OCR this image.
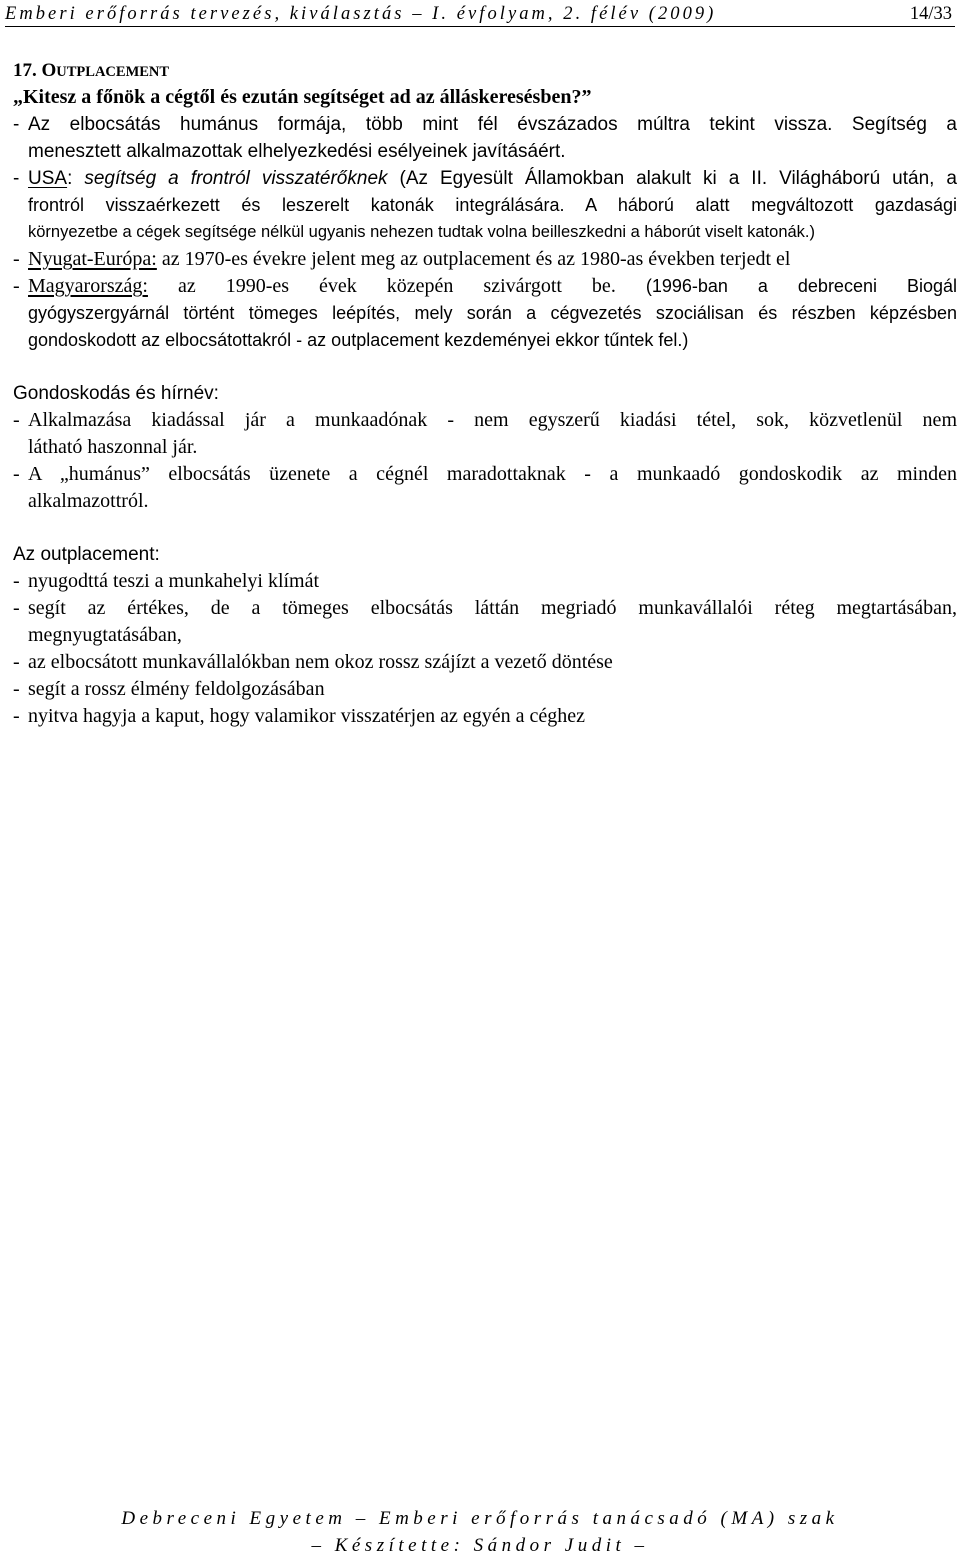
Emberi erőforrás tervezés, kiválasztás – I. évfolyam, 2. félév (2009)	14/33
17. OUTPLACEMENT
„Kitesz a főnök a cégtől és ezután segítséget ad az álláskeresésben?”
- Az elbocsátás humánus formája, több mint fél évszázados múltra tekint vissza. Segítség a
menesztett alkalmazottak elhelyezkedési esélyeinek javításáért.
- USA: segítség a frontról visszatérőknek (Az Egyesült Államokban alakult ki a II. Világháború után, a
frontról visszaérkezett és leszerelt katonák integrálására. A háború alatt megváltozott gazdasági
környezetbe a cégek segítsége nélkül ugyanis nehezen tudtak volna beilleszkedni a háborút viselt katonák.)
- Nyugat-Európa: az 1970-es évekre jelent meg az outplacement és az 1980-as években terjedt el
- Magyarország: az 1990-es évek közepén szivárgott be. (1996-ban a debreceni Biogál
gyógyszergyárnál történt tömeges leépítés, mely során a cégvezetés szociálisan és részben képzésben
gondoskodott az elbocsátottakról - az outplacement kezdeményei ekkor tűntek fel.)
Gondoskodás és hírnév:
- Alkalmazása kiadással jár a munkaadónak - nem egyszerű kiadási tétel, sok, közvetlenül nem
látható haszonnal jár.
- A „humánus” elbocsátás üzenete a cégnél maradottaknak - a munkaadó gondoskodik az minden
alkalmazottról.
Az outplacement:
- nyugodttá teszi a munkahelyi klímát
- segít az értékes, de a tömeges elbocsátás láttán megriadó munkavállalói réteg megtartásában,
megnyugtatásában,
- az elbocsátott munkavállalókban nem okoz rossz szájízt a vezető döntése
- segít a rossz élmény feldolgozásában
- nyitva hagyja a kaput, hogy valamikor visszatérjen az egyén a céghez
Debreceni Egyetem – Emberi erőforrás tanácsadó (MA) szak
– Készítette: Sándor Judit –
